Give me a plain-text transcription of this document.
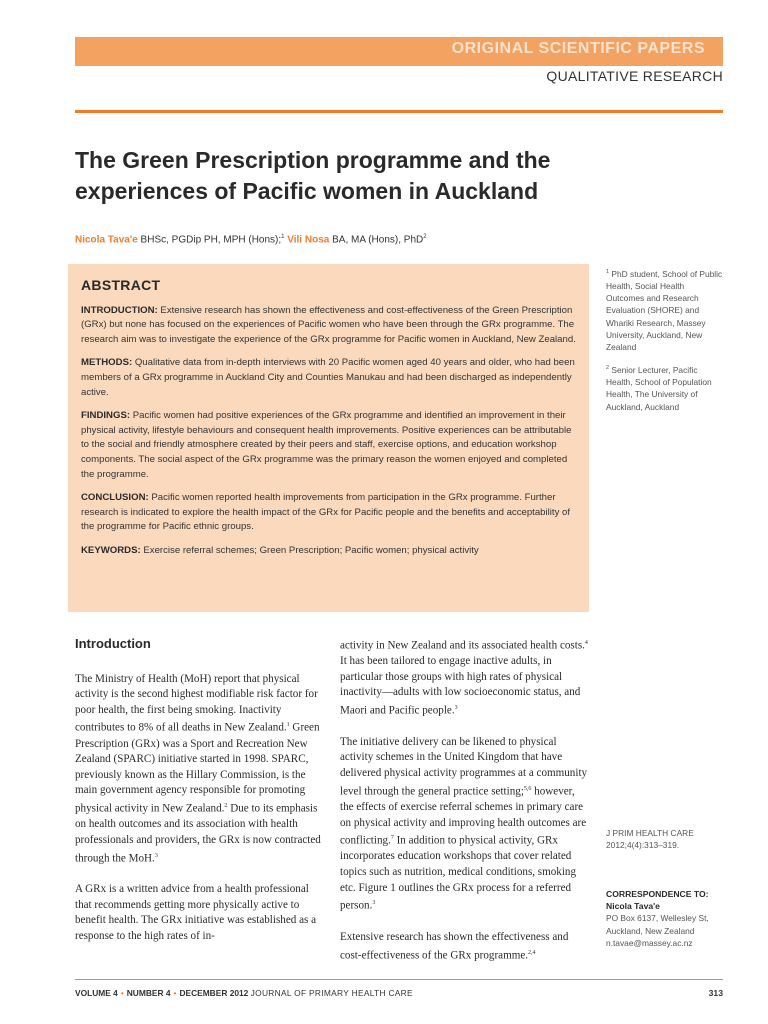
ORIGINAL SCIENTIFIC PAPERS
QUALITATIVE RESEARCH
The Green Prescription programme and the experiences of Pacific women in Auckland
Nicola Tava'e BHSc, PGDip PH, MPH (Hons);$^1$ Vili Nosa BA, MA (Hons), PhD$^2$
ABSTRACT

INTRODUCTION: Extensive research has shown the effectiveness and cost-effectiveness of the Green Prescription (GRx) but none has focused on the experiences of Pacific women who have been through the GRx programme. The research aim was to investigate the experience of the GRx programme for Pacific women in Auckland, New Zealand.

METHODS: Qualitative data from in-depth interviews with 20 Pacific women aged 40 years and older, who had been members of a GRx programme in Auckland City and Counties Manukau and had been discharged as independently active.

FINDINGS: Pacific women had positive experiences of the GRx programme and identified an improvement in their physical activity, lifestyle behaviours and consequent health improvements. Positive experiences can be attributable to the social and friendly atmosphere created by their peers and staff, exercise options, and education workshop components. The social aspect of the GRx programme was the primary reason the women enjoyed and completed the programme.

CONCLUSION: Pacific women reported health improvements from participation in the GRx programme. Further research is indicated to explore the health impact of the GRx for Pacific people and the benefits and acceptability of the programme for Pacific ethnic groups.

KEYWORDS: Exercise referral schemes; Green Prescription; Pacific women; physical activity

$^1$ PhD student, School of Public Health, Social Health Outcomes and Research Evaluation (SHORE) and Whariki Research, Massey University, Auckland, New Zealand

$^2$ Senior Lecturer, Pacific Health, School of Population Health, The University of Auckland, Auckland

J PRIM HEALTH CARE
2012;4(4):313–319.
CORRESPONDENCE TO:
Nicola Tava'e
PO Box 6137, Wellesley St,
Auckland, New Zealand
n.tavae@massey.ac.nz
Introduction

The Ministry of Health (MoH) report that physical activity is the second highest modifiable risk factor for poor health, the first being smoking. Inactivity contributes to 8% of all deaths in New Zealand.$^1$ Green Prescription (GRx) was a Sport and Recreation New Zealand (SPARC) initiative started in 1998. SPARC, previously known as the Hillary Commission, is the main government agency responsible for promoting physical activity in New Zealand.$^2$ Due to its emphasis on health outcomes and its association with health professionals and providers, the GRx is now contracted through the MoH.$^3$

A GRx is a written advice from a health professional that recommends getting more physically active to benefit health. The GRx initiative was established as a response to the high rates of in-

activity in New Zealand and its associated health costs.$^4$ It has been tailored to engage inactive adults, in particular those groups with high rates of physical inactivity—adults with low socioeconomic status, and Maori and Pacific people.$^3$

The initiative delivery can be likened to physical activity schemes in the United Kingdom that have delivered physical activity programmes at a community level through the general practice setting;$^{5,6}$ however, the effects of exercise referral schemes in primary care on physical activity and improving health outcomes are conflicting.$^7$ In addition to physical activity, GRx incorporates education workshops that cover related topics such as nutrition, medical conditions, smoking etc. Figure 1 outlines the GRx process for a referred person.$^3$

Extensive research has shown the effectiveness and cost-effectiveness of the GRx programme.$^{2,4}$

VOLUME 4 • NUMBER 4 • DECEMBER 2012 JOURNAL OF PRIMARY HEALTH CARE	313
